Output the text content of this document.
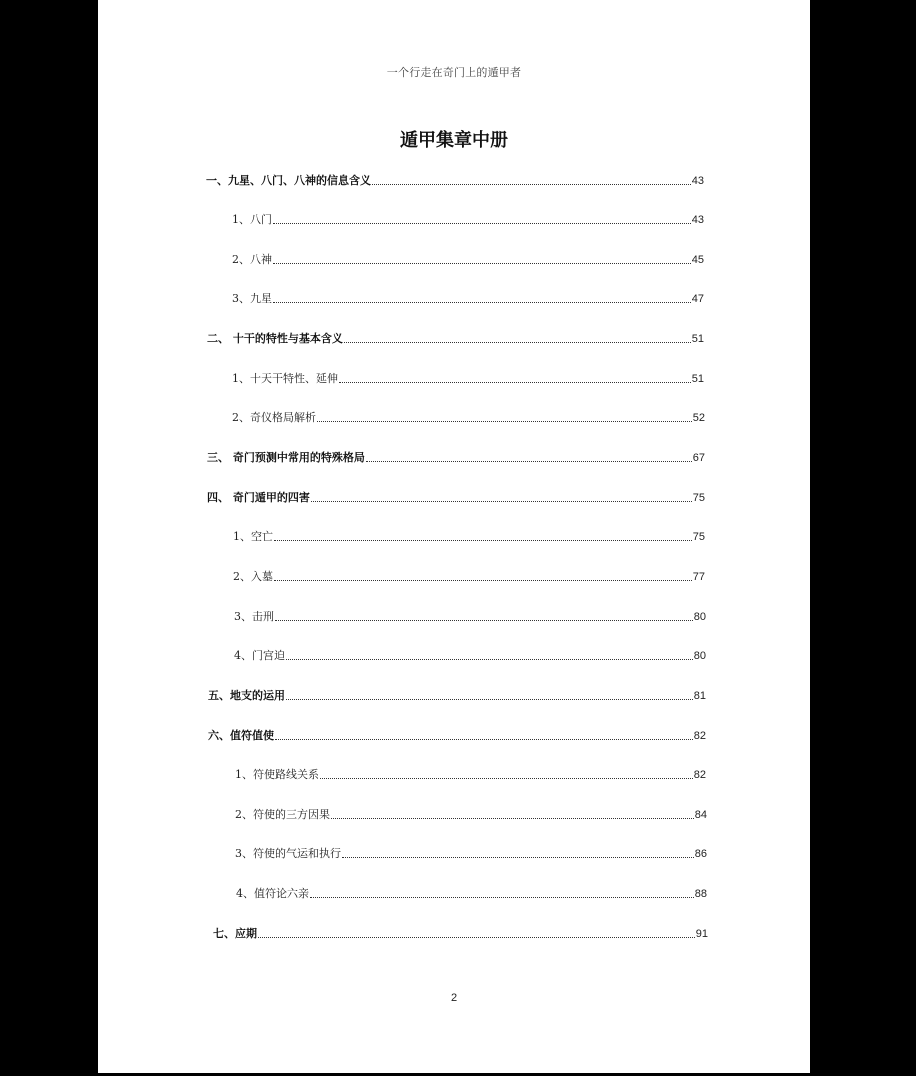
一个行走在奇门上的遁甲者
遁甲集章中册
一、九星、八门、八神的信息含义	43
1、八门	43
2、八神	45
3、九星	47
二、 十干的特性与基本含义	51
1、十天干特性、延伸	51
2、奇仪格局解析	52
三、 奇门预测中常用的特殊格局	67
四、 奇门遁甲的四害	75
1、空亡	75
2、入墓	77
3、击刑	80
4、门宫迫	80
五、地支的运用	81
六、值符值使	82
1、符使路线关系	82
2、符使的三方因果	84
3、符使的气运和执行	86
4、值符论六亲	88
七、应期	91
2
